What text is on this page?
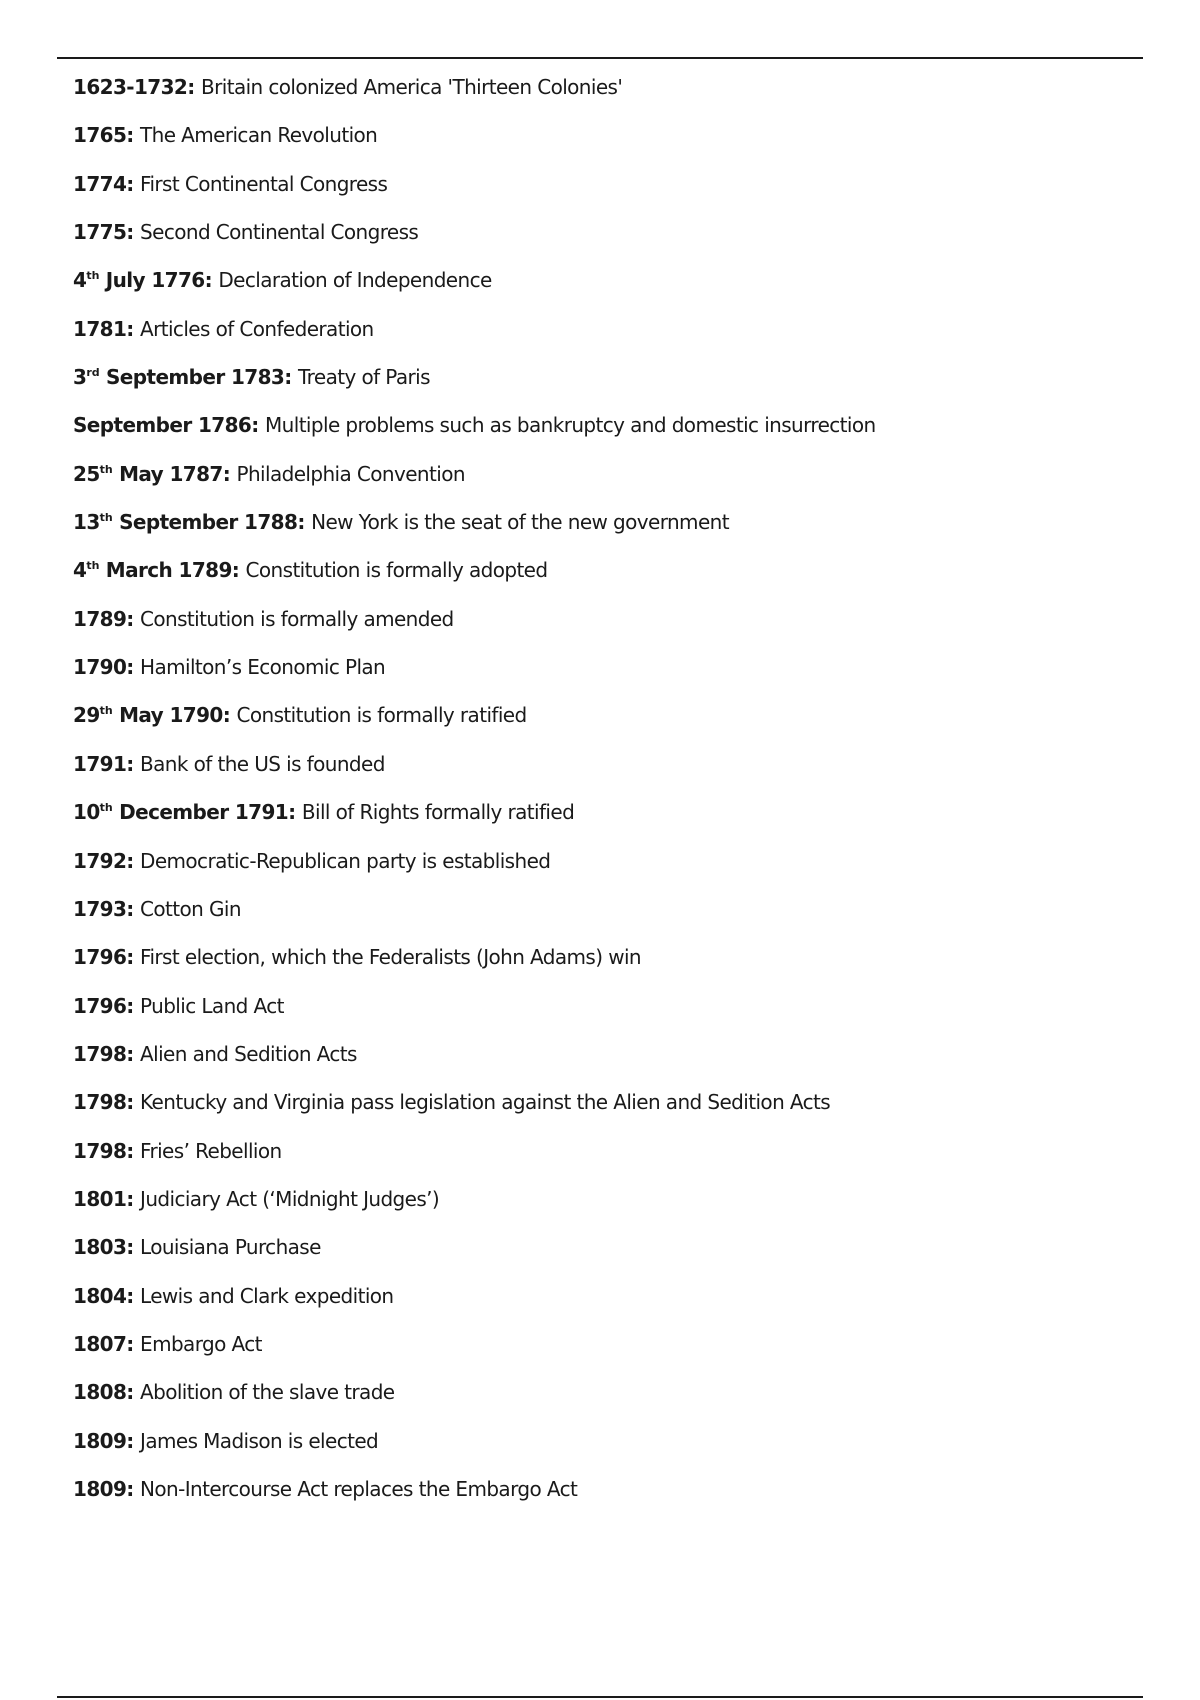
1623-1732: Britain colonized America 'Thirteen Colonies'
1765: The American Revolution
1774: First Continental Congress
1775: Second Continental Congress
4th July 1776: Declaration of Independence
1781: Articles of Confederation
3rd September 1783: Treaty of Paris
September 1786: Multiple problems such as bankruptcy and domestic insurrection
25th May 1787: Philadelphia Convention
13th September 1788: New York is the seat of the new government
4th March 1789: Constitution is formally adopted
1789: Constitution is formally amended
1790: Hamilton’s Economic Plan
29th May 1790: Constitution is formally ratified
1791: Bank of the US is founded
10th December 1791: Bill of Rights formally ratified
1792: Democratic-Republican party is established
1793: Cotton Gin
1796: First election, which the Federalists (John Adams) win
1796: Public Land Act
1798: Alien and Sedition Acts
1798: Kentucky and Virginia pass legislation against the Alien and Sedition Acts
1798: Fries’ Rebellion
1801: Judiciary Act (‘Midnight Judges’)
1803: Louisiana Purchase
1804: Lewis and Clark expedition
1807: Embargo Act
1808: Abolition of the slave trade
1809: James Madison is elected
1809: Non-Intercourse Act replaces the Embargo Act
